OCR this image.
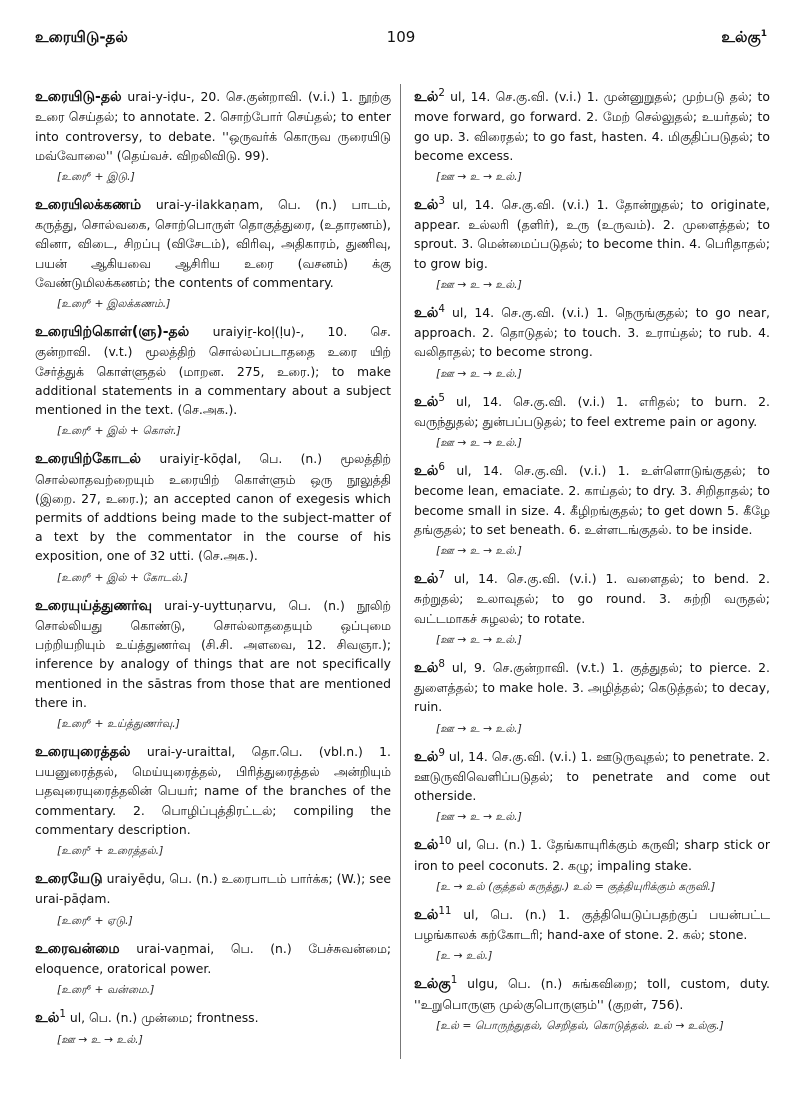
உரையிடு-தல்	109	உல்கு$^1$

உரையிடு-தல் urai-y-iḍu-, 20. செ.குன்றாவி. (v.i.) 1. நூற்கு உரை செய்தல்; to annotate. 2. சொற்போர் செய்தல்; to enter into controversy, to debate. ''ஒருவர்க் கொருவ ருரையிடு மவ்வோலை'' (தெய்வச். விறலிவிடு. 99).

[உரை⁶ + இடு.]

உரையிலக்கணம் urai-y-ilakkaṇam, பெ. (n.) பாடம், கருத்து, சொல்வகை, சொற்பொருள் தொகுத்துரை, (உதாரணம்), வினா, விடை, சிறப்பு (விசேடம்), விரிவு, அதிகாரம், துணிவு, பயன் ஆகியவை ஆசிரிய உரை (வசனம்) க்கு வேண்டுமிலக்கணம்; the contents of commentary.

[உரை⁶ + இலக்கணம்.]

உரையிற்கொள்(ளு)-தல் uraiyiṟ-koḷ(ḷu)-, 10. செ. குன்றாவி. (v.t.) மூலத்திற் சொல்லப்படாததை உரை யிற் சேர்த்துக் கொள்ளுதல் (மாறன. 275, உரை.); to make additional statements in a commentary about a subject mentioned in the text. (செ.அக.).

[உரை⁶ + இல் + கொள்.]

உரையிற்கோடல் uraiyiṟ-kōḍal, பெ. (n.) மூலத்திற் சொல்லாதவற்றையும் உரையிற் கொள்ளும் ஒரு நூலுத்தி (இறை. 27, உரை.); an accepted canon of exegesis which permits of addtions being made to the subject-matter of a text by the commentator in the course of his exposition, one of 32 utti. (செ.அக.).

[உரை⁶ + இல் + கோடல்.]

உரையுய்த்துணர்வு urai-y-uyttuṇarvu, பெ. (n.) நூலிற் சொல்லியது கொண்டு, சொல்லாததையும் ஒப்புமை பற்றியறியும் உய்த்துணர்வு (சி.சி. அளவை, 12. சிவஞா.); inference by analogy of things that are not specifically mentioned in the sāstras from those that are mentioned there in.

[உரை⁶ + உய்த்துணர்வு.]

உரையுரைத்தல் urai-y-uraittal, தொ.பெ. (vbl.n.) 1. பயனுரைத்தல், மெய்யுரைத்தல், பிரித்துரைத்தல் அன்றியும் பதவுரையுரைத்தலின் பெயர்; name of the branches of the commentary. 2. பொழிப்புத்திரட்டல்; compiling the commentary description.

[உரை⁵ + உரைத்தல்.]

உரையேடு uraiyēḍu, பெ. (n.) உரைபாடம் பார்க்க; (W.); see urai-pāḍam.

[உரை⁶ + ஏடு.]

உரைவன்மை urai-vaṉmai, பெ. (n.) பேச்சுவன்மை; eloquence, oratorical power.

[உரை⁶ + வன்மை.]

உல்$^1$ ul, பெ. (n.) முன்மை; frontness.

[ஊ → உ → உல்.]

உல்$^2$ ul, 14. செ.கு.வி. (v.i.) 1. முன்னுறுதல்; முற்படு தல்; to move forward, go forward. 2. மேற் செல்லுதல்; உயர்தல்; to go up. 3. விரைதல்; to go fast, hasten. 4. மிகுதிப்படுதல்; to become excess.

[ஊ → உ → உல்.]

உல்$^3$ ul, 14. செ.கு.வி. (v.i.) 1. தோன்றுதல்; to originate, appear. உல்லரி (தளிர்), உரு (உருவம்). 2. முளைத்தல்; to sprout. 3. மென்மைப்படுதல்; to become thin. 4. பெரிதாதல்; to grow big.

[ஊ → உ → உல்.]

உல்$^4$ ul, 14. செ.கு.வி. (v.i.) 1. நெருங்குதல்; to go near, approach. 2. தொடுதல்; to touch. 3. உராய்தல்; to rub. 4. வலிதாதல்; to become strong.

[ஊ → உ → உல்.]

உல்$^5$ ul, 14. செ.கு.வி. (v.i.) 1. எரிதல்; to burn. 2. வருந்துதல்; துன்பப்படுதல்; to feel extreme pain or agony.

[ஊ → உ → உல்.]

உல்$^6$ ul, 14. செ.கு.வி. (v.i.) 1. உள்ளொடுங்குதல்; to become lean, emaciate. 2. காய்தல்; to dry. 3. சிறிதாதல்; to become small in size. 4. கீழிறங்குதல்; to get down 5. கீழே தங்குதல்; to set beneath. 6. உள்ளடங்குதல். to be inside.

[ஊ → உ → உல்.]

உல்$^7$ ul, 14. செ.கு.வி. (v.i.) 1. வளைதல்; to bend. 2. சுற்றுதல்; உலாவுதல்; to go round. 3. சுற்றி வருதல்; வட்டமாகச் சுழலல்; to rotate.

[ஊ → உ → உல்.]

உல்$^8$ ul, 9. செ.குன்றாவி. (v.t.) 1. குத்துதல்; to pierce. 2. துளைத்தல்; to make hole. 3. அழித்தல்; கெடுத்தல்; to decay, ruin.

[ஊ → உ → உல்.]

உல்$^9$ ul, 14. செ.கு.வி. (v.i.) 1. ஊடுருவுதல்; to penetrate. 2. ஊடுருவிவெளிப்படுதல்; to penetrate and come out otherside.

[ஊ → உ → உல்.]

உல்$^{10}$ ul, பெ. (n.) 1. தேங்காயுரிக்கும் கருவி; sharp stick or iron to peel coconuts. 2. கழு; impaling stake.

[உ → உல் (குத்தல் கருத்து.) உல் = குத்தியுரிக்கும் கருவி.]

உல்$^{11}$ ul, பெ. (n.) 1. குத்தியெடுப்பதற்குப் பயன்பட்ட பழங்காலக் கற்கோடரி; hand-axe of stone. 2. கல்; stone.

[உ → உல்.]

உல்கு$^1$ ulgu, பெ. (n.) சுங்கவிறை; toll, custom, duty. ''உறுபொருளு முல்குபொருளும்'' (குறள், 756).

[உல் = பொருந்துதல், செறிதல், கொடுத்தல். உல் → உல்கு.]
